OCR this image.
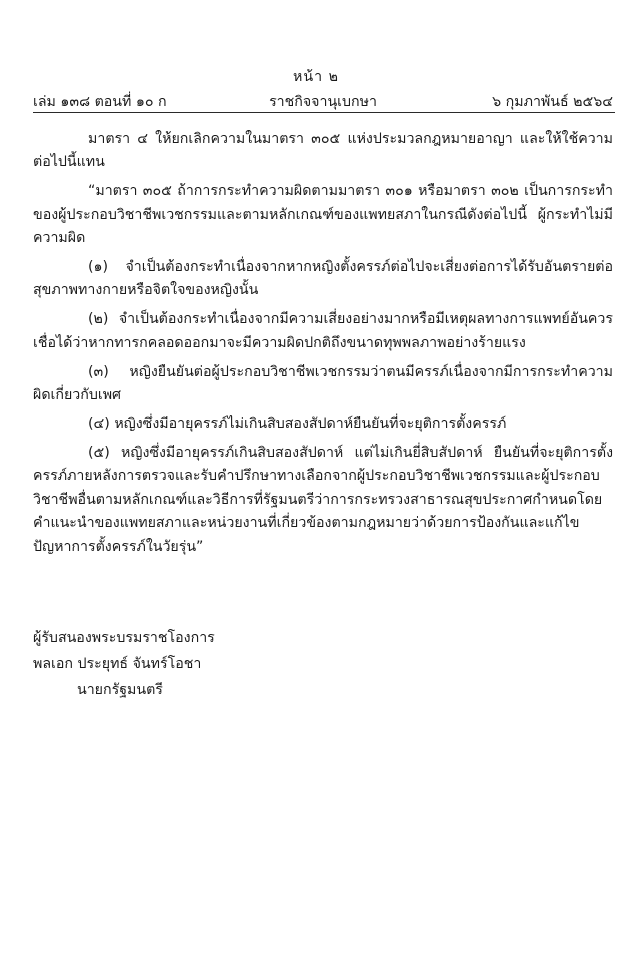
หน้า ๒
ราชกิจจานุเบกษา
เล่ม ๑๓๘ ตอนที่ ๑๐ ก	๖ กุมภาพันธ์ ๒๕๖๔

มาตรา ๔ ให้ยกเลิกความในมาตรา ๓๐๕ แห่งประมวลกฎหมายอาญา และให้ใช้ความต่อไปนี้แทน

“มาตรา ๓๐๕ ถ้าการกระทำความผิดตามมาตรา ๓๐๑ หรือมาตรา ๓๐๒ เป็นการกระทำของผู้ประกอบวิชาชีพเวชกรรมและตามหลักเกณฑ์ของแพทยสภาในกรณีดังต่อไปนี้ ผู้กระทำไม่มีความผิด

(๑) จำเป็นต้องกระทำเนื่องจากหากหญิงตั้งครรภ์ต่อไปจะเสี่ยงต่อการได้รับอันตรายต่อสุขภาพทางกายหรือจิตใจของหญิงนั้น

(๒) จำเป็นต้องกระทำเนื่องจากมีความเสี่ยงอย่างมากหรือมีเหตุผลทางการแพทย์อันควรเชื่อได้ว่าหากทารกคลอดออกมาจะมีความผิดปกติถึงขนาดทุพพลภาพอย่างร้ายแรง

(๓) หญิงยืนยันต่อผู้ประกอบวิชาชีพเวชกรรมว่าตนมีครรภ์เนื่องจากมีการกระทำความผิดเกี่ยวกับเพศ

(๔) หญิงซึ่งมีอายุครรภ์ไม่เกินสิบสองสัปดาห์ยืนยันที่จะยุติการตั้งครรภ์

(๕) หญิงซึ่งมีอายุครรภ์เกินสิบสองสัปดาห์ แต่ไม่เกินยี่สิบสัปดาห์ ยืนยันที่จะยุติการตั้งครรภ์ภายหลังการตรวจและรับคำปรึกษาทางเลือกจากผู้ประกอบวิชาชีพเวชกรรมและผู้ประกอบวิชาชีพอื่นตามหลักเกณฑ์และวิธีการที่รัฐมนตรีว่าการกระทรวงสาธารณสุขประกาศกำหนดโดยคำแนะนำของแพทยสภาและหน่วยงานที่เกี่ยวข้องตามกฎหมายว่าด้วยการป้องกันและแก้ไขปัญหาการตั้งครรภ์ในวัยรุ่น”

ผู้รับสนองพระบรมราชโองการ
พลเอก ประยุทธ์ จันทร์โอชา
นายกรัฐมนตรี
